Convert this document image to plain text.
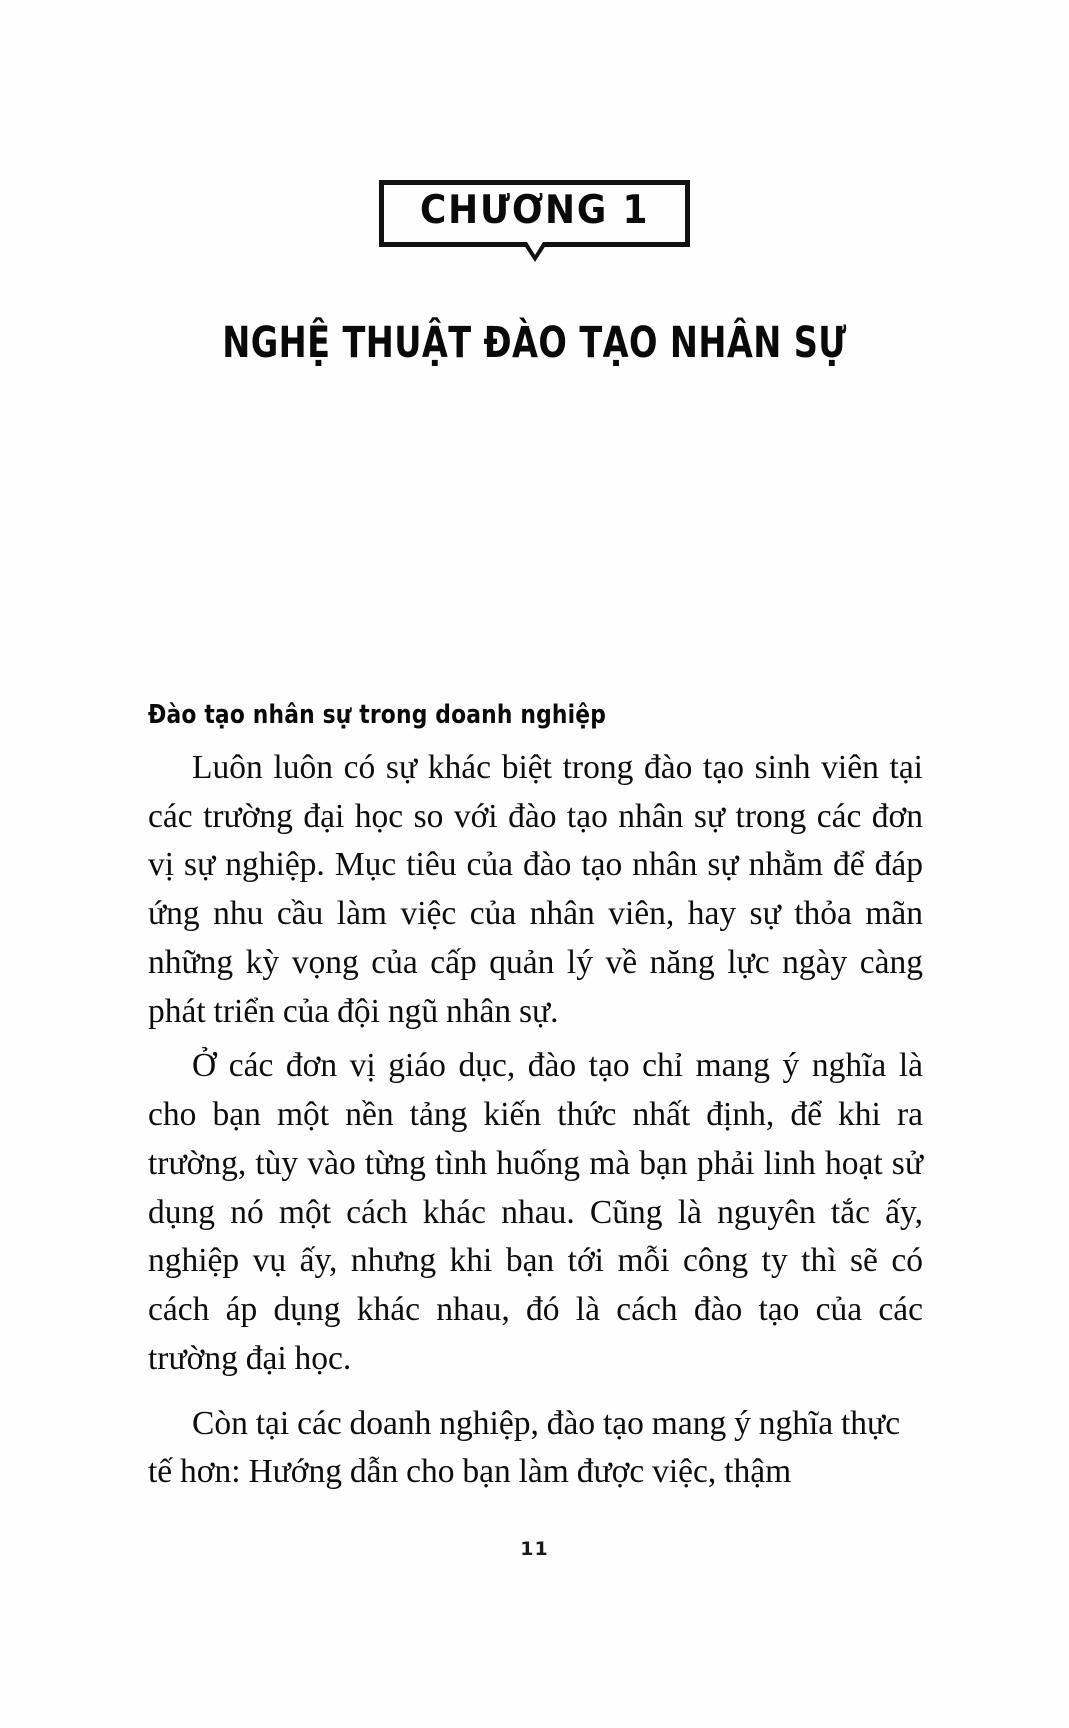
CHƯƠNG 1
NGHỆ THUẬT ĐÀO TẠO NHÂN SỰ
Đào tạo nhân sự trong doanh nghiệp

Luôn luôn có sự khác biệt trong đào tạo sinh viên tại các trường đại học so với đào tạo nhân sự trong các đơn vị sự nghiệp. Mục tiêu của đào tạo nhân sự nhằm để đáp ứng nhu cầu làm việc của nhân viên, hay sự thỏa mãn những kỳ vọng của cấp quản lý về năng lực ngày càng phát triển của đội ngũ nhân sự.

Ở các đơn vị giáo dục, đào tạo chỉ mang ý nghĩa là cho bạn một nền tảng kiến thức nhất định, để khi ra trường, tùy vào từng tình huống mà bạn phải linh hoạt sử dụng nó một cách khác nhau. Cũng là nguyên tắc ấy, nghiệp vụ ấy, nhưng khi bạn tới mỗi công ty thì sẽ có cách áp dụng khác nhau, đó là cách đào tạo của các trường đại học.

Còn tại các doanh nghiệp, đào tạo mang ý nghĩa thực tế hơn: Hướng dẫn cho bạn làm được việc, thậm

11
